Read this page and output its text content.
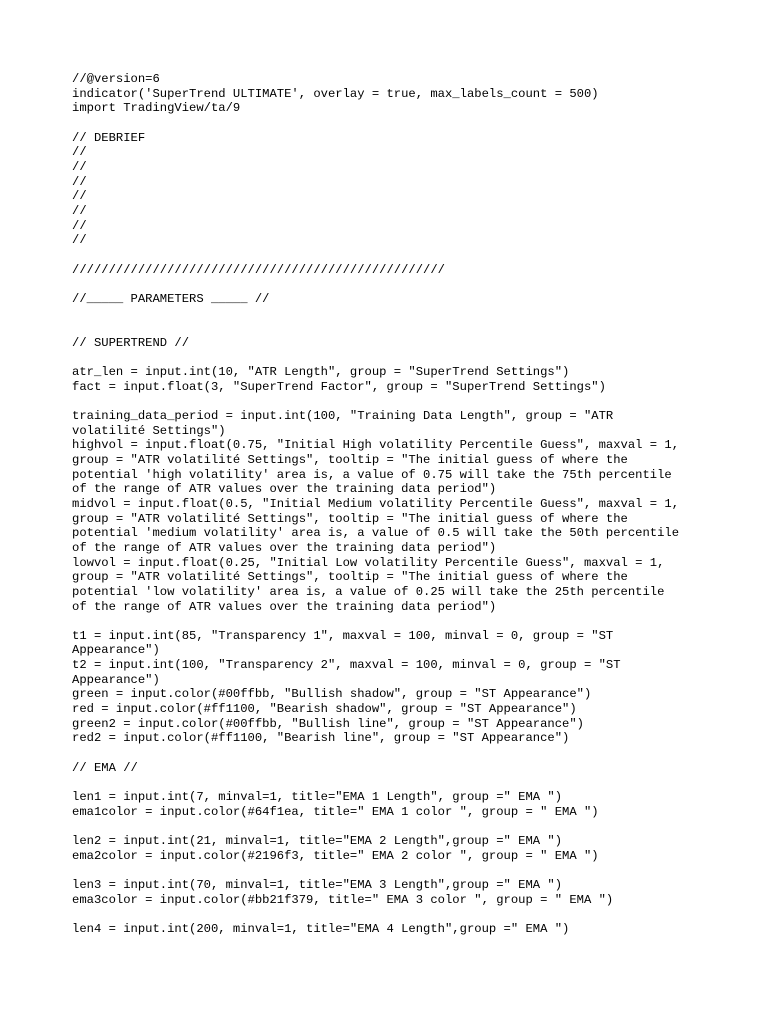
//@version=6
indicator('SuperTrend ULTIMATE', overlay = true, max_labels_count = 500)
import TradingView/ta/9
// DEBRIEF
//
//
//
//
//
//
//
///////////////////////////////////////////////////
//_____ PARAMETERS _____ //
// SUPERTREND //
atr_len = input.int(10, "ATR Length", group = "SuperTrend Settings")
fact = input.float(3, "SuperTrend Factor", group = "SuperTrend Settings")
training_data_period = input.int(100, "Training Data Length", group = "ATR
volatilité Settings")
highvol = input.float(0.75, "Initial High volatility Percentile Guess", maxval = 1,
group = "ATR volatilité Settings", tooltip = "The initial guess of where the
potential 'high volatility' area is, a value of 0.75 will take the 75th percentile
of the range of ATR values over the training data period")
midvol = input.float(0.5, "Initial Medium volatility Percentile Guess", maxval = 1,
group = "ATR volatilité Settings", tooltip = "The initial guess of where the
potential 'medium volatility' area is, a value of 0.5 will take the 50th percentile
of the range of ATR values over the training data period")
lowvol = input.float(0.25, "Initial Low volatility Percentile Guess", maxval = 1,
group = "ATR volatilité Settings", tooltip = "The initial guess of where the
potential 'low volatility' area is, a value of 0.25 will take the 25th percentile
of the range of ATR values over the training data period")
t1 = input.int(85, "Transparency 1", maxval = 100, minval = 0, group = "ST
Appearance")
t2 = input.int(100, "Transparency 2", maxval = 100, minval = 0, group = "ST
Appearance")
green = input.color(#00ffbb, "Bullish shadow", group = "ST Appearance")
red = input.color(#ff1100, "Bearish shadow", group = "ST Appearance")
green2 = input.color(#00ffbb, "Bullish line", group = "ST Appearance")
red2 = input.color(#ff1100, "Bearish line", group = "ST Appearance")
// EMA //
len1 = input.int(7, minval=1, title="EMA 1 Length", group =" EMA ")
ema1color = input.color(#64f1ea, title=" EMA 1 color ", group = " EMA ")
len2 = input.int(21, minval=1, title="EMA 2 Length",group =" EMA ")
ema2color = input.color(#2196f3, title=" EMA 2 color ", group = " EMA ")
len3 = input.int(70, minval=1, title="EMA 3 Length",group =" EMA ")
ema3color = input.color(#bb21f379, title=" EMA 3 color ", group = " EMA ")
len4 = input.int(200, minval=1, title="EMA 4 Length",group =" EMA ")
